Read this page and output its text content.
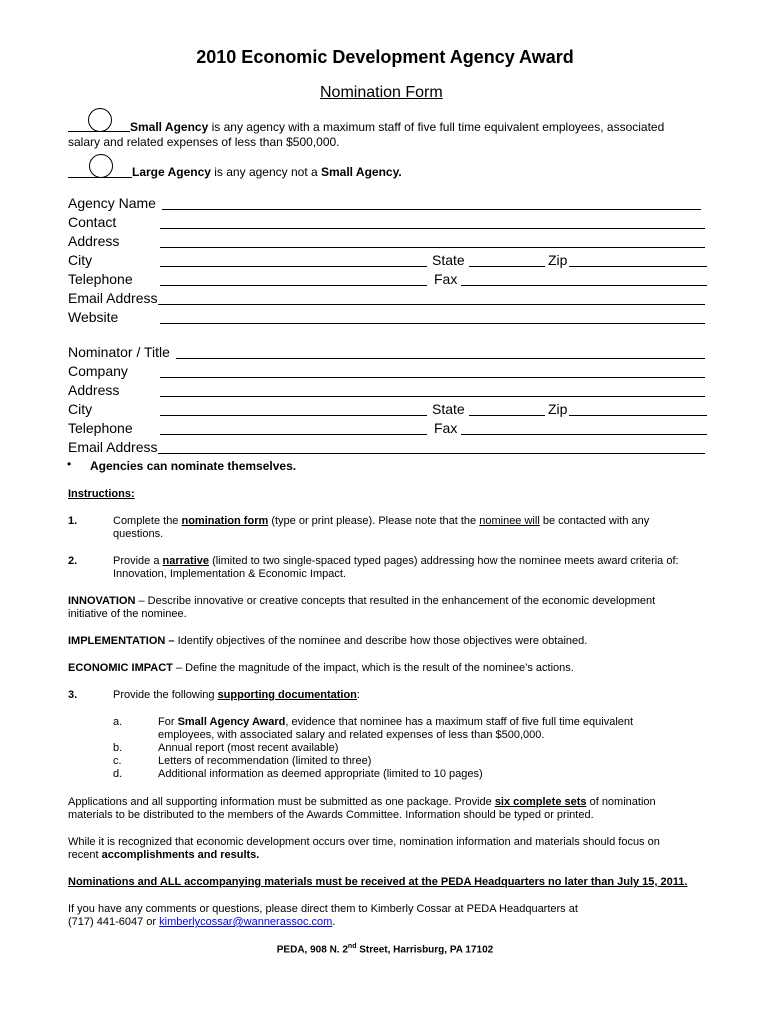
2010 Economic Development Agency Award
Nomination Form
Small Agency is any agency with a maximum staff of five full time equivalent employees, associated
salary and related expenses of less than $500,000.
Large Agency is any agency not a Small Agency.
Agency Name
Contact
Address
City	State	Zip
Telephone	Fax
Email Address
Website
Nominator / Title
Company
Address
City	State	Zip
Telephone	Fax
Email Address
• Agencies can nominate themselves.
Instructions:
1.	Complete the nomination form (type or print please). Please note that the nominee will be contacted with any
questions.
2.	Provide a narrative (limited to two single-spaced typed pages) addressing how the nominee meets award criteria of:
Innovation, Implementation & Economic Impact.
INNOVATION – Describe innovative or creative concepts that resulted in the enhancement of the economic development
initiative of the nominee.
IMPLEMENTATION – Identify objectives of the nominee and describe how those objectives were obtained.
ECONOMIC IMPACT – Define the magnitude of the impact, which is the result of the nominee’s actions.
3.	Provide the following supporting documentation:
a.	For Small Agency Award, evidence that nominee has a maximum staff of five full time equivalent
employees, with associated salary and related expenses of less than $500,000.
b.	Annual report (most recent available)
c.	Letters of recommendation (limited to three)
d.	Additional information as deemed appropriate (limited to 10 pages)
Applications and all supporting information must be submitted as one package. Provide six complete sets of nomination
materials to be distributed to the members of the Awards Committee. Information should be typed or printed.
While it is recognized that economic development occurs over time, nomination information and materials should focus on
recent accomplishments and results.
Nominations and ALL accompanying materials must be received at the PEDA Headquarters no later than July 15, 2011.
If you have any comments or questions, please direct them to Kimberly Cossar at PEDA Headquarters at
(717) 441-6047 or kimberlycossar@wannerassoc.com.
PEDA, 908 N. 2nd Street, Harrisburg, PA 17102
